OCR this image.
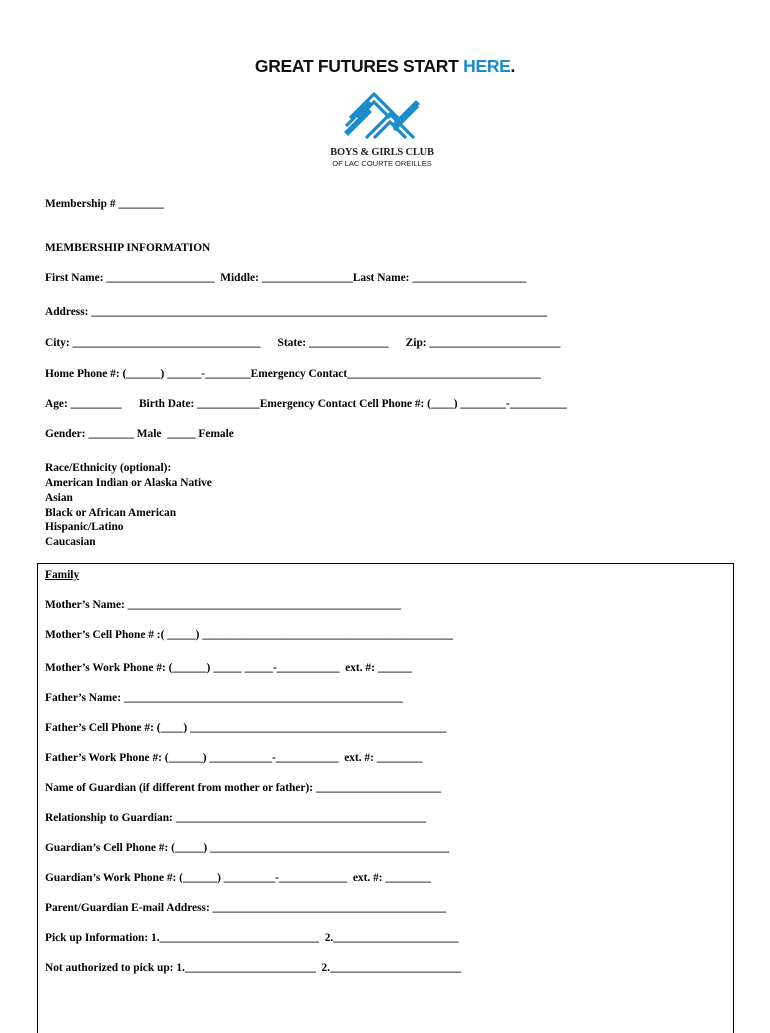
GREAT FUTURES START HERE.
BOYS & GIRLS CLUB
OF LAC COURTE OREILLES
Membership # ________
MEMBERSHIP INFORMATION
First Name: ___________________  Middle: ________________Last Name: ____________________
Address: ________________________________________________________________________________
City: _________________________________      State: ______________      Zip: _______________________
Home Phone #: (______) ______-________Emergency Contact__________________________________
Age: _________      Birth Date: ___________Emergency Contact Cell Phone #: (____) ________-__________
Gender: ________ Male  _____ Female
Race/Ethnicity (optional):
American Indian or Alaska Native
Asian
Black or African American
Hispanic/Latino
Caucasian
Family
Mother’s Name: ________________________________________________
Mother’s Cell Phone # :( _____) ____________________________________________
Mother’s Work Phone #: (______) _____ _____-___________  ext. #: ______
Father’s Name: _________________________________________________
Father’s Cell Phone #: (____) _____________________________________________
Father’s Work Phone #: (______) ___________-___________  ext. #: ________
Name of Guardian (if different from mother or father): ______________________
Relationship to Guardian: ____________________________________________
Guardian’s Cell Phone #: (_____) __________________________________________
Guardian’s Work Phone #: (______) _________-____________  ext. #: ________
Parent/Guardian E-mail Address: _________________________________________
Pick up Information: 1.____________________________  2.______________________
Not authorized to pick up: 1._______________________  2._______________________
